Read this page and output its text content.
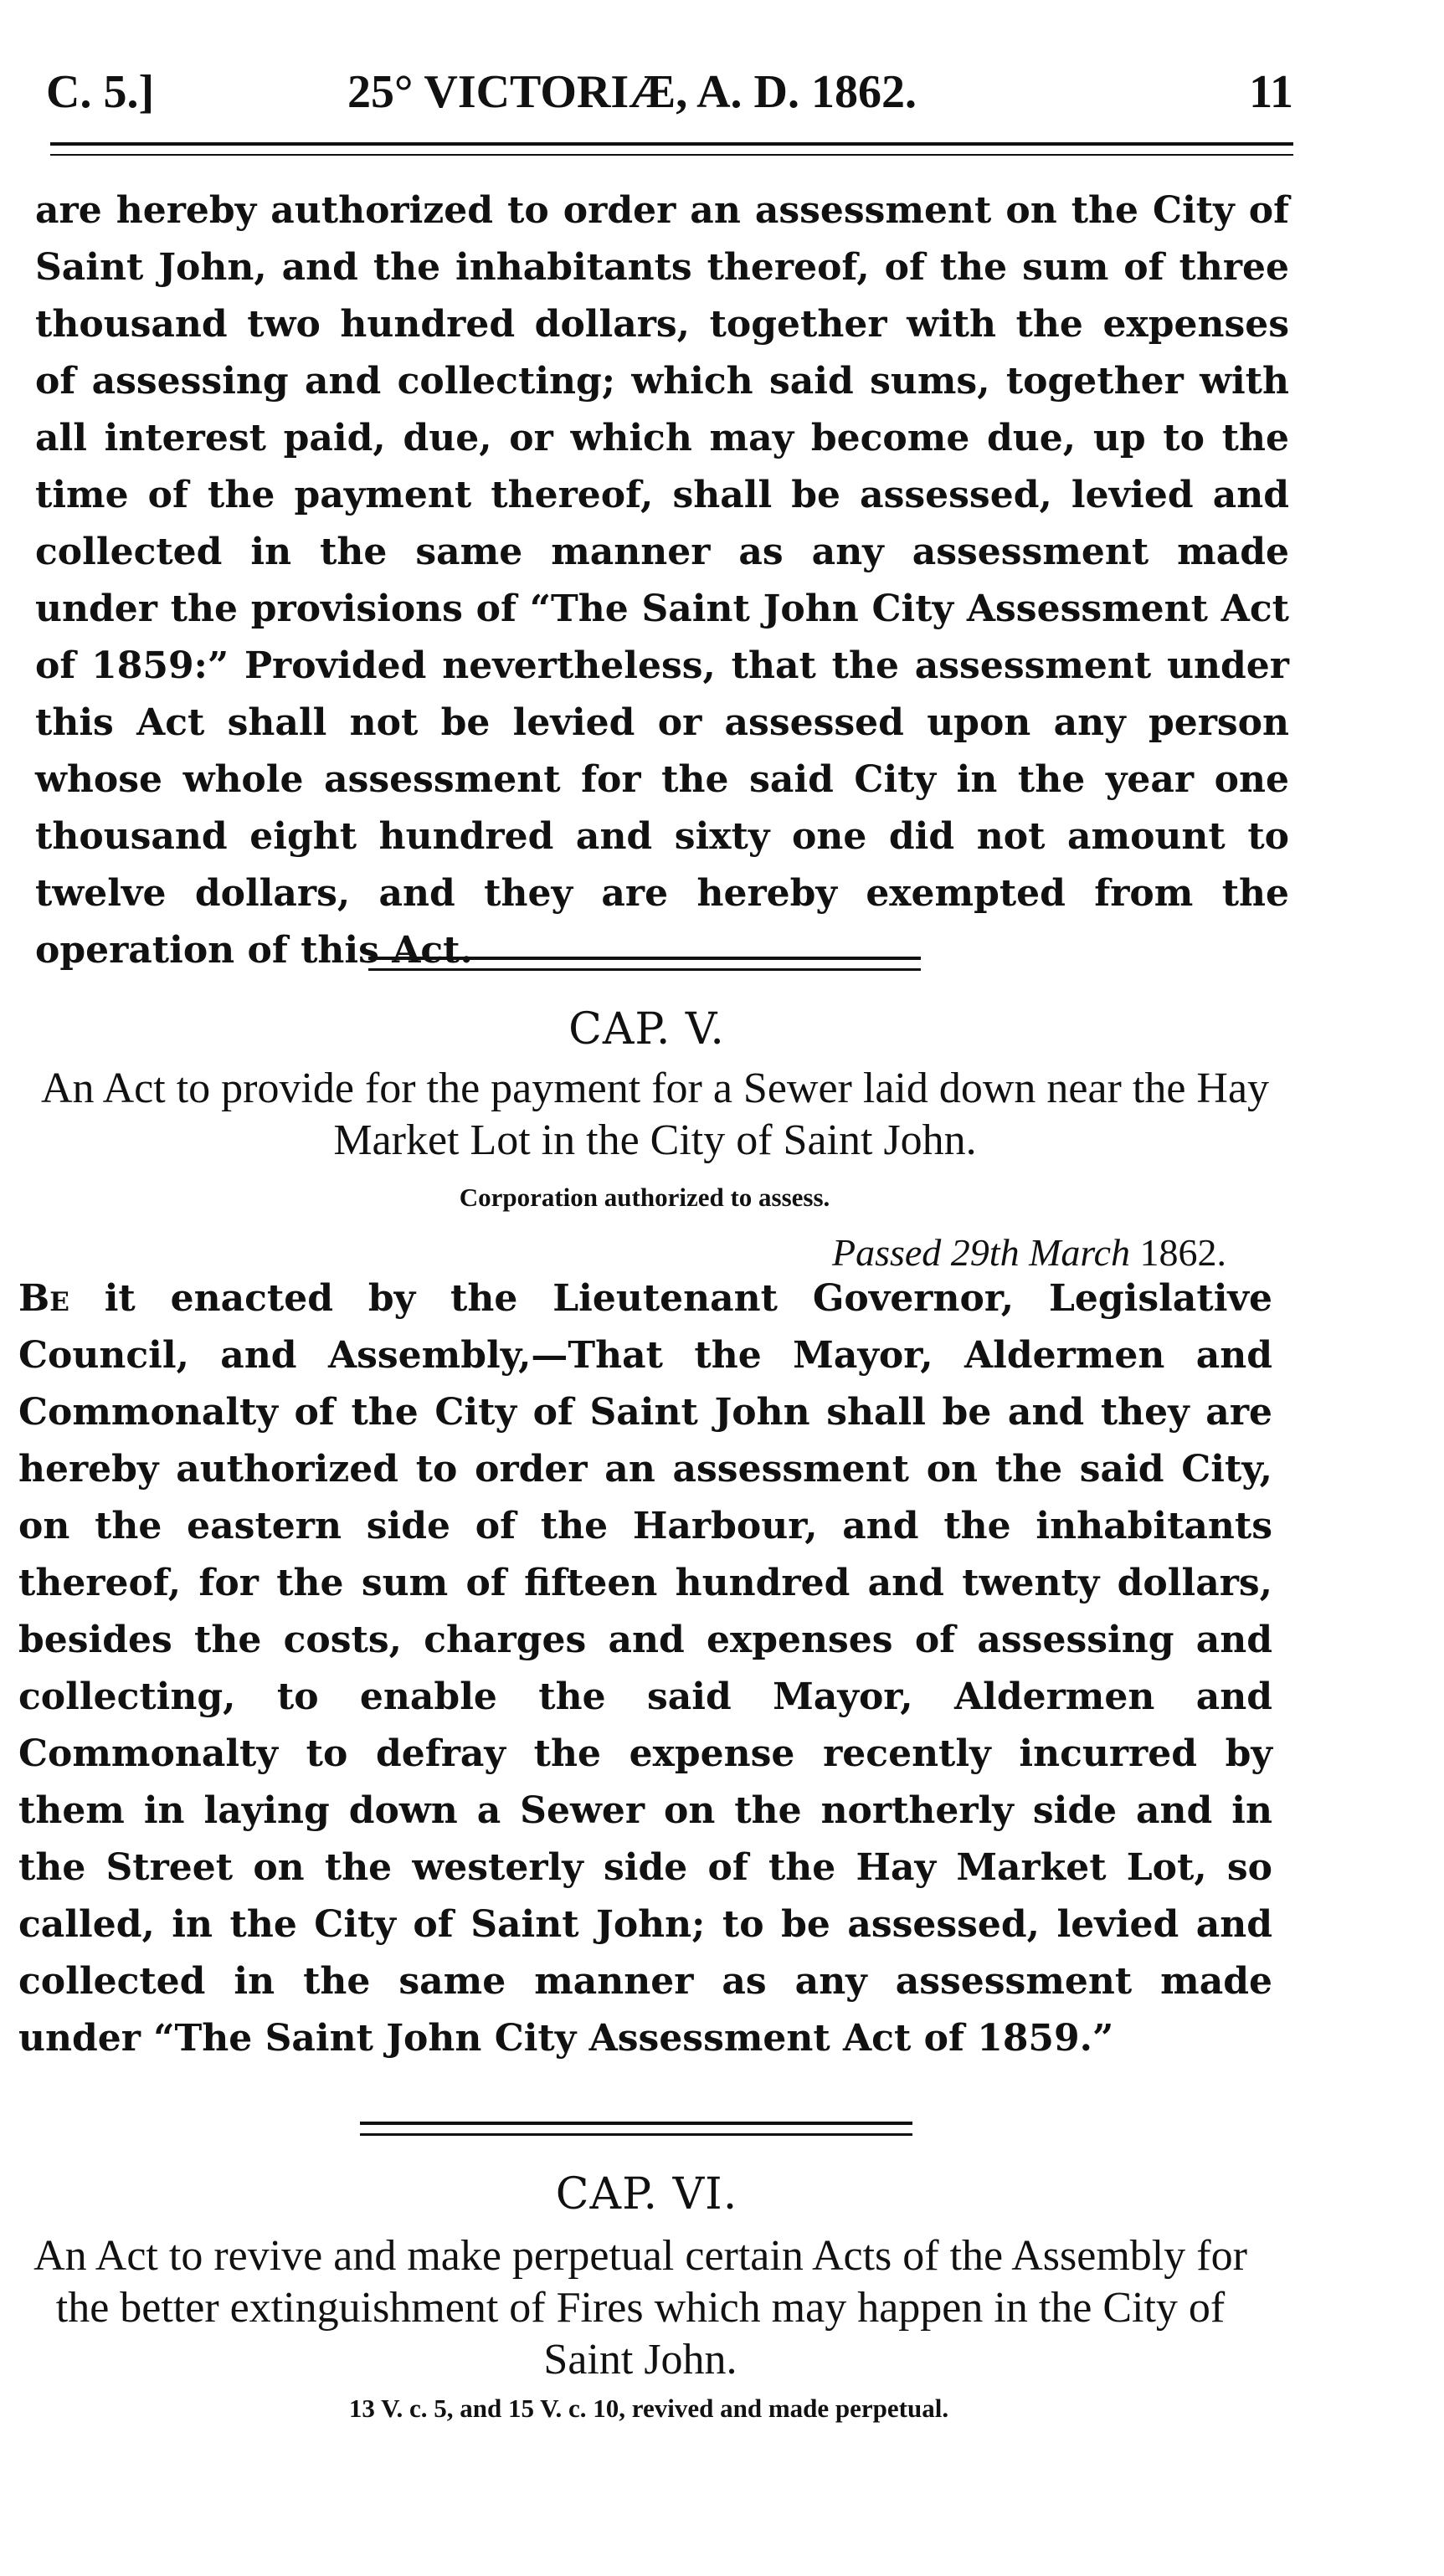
C. 5.]	25° VICTORIÆ, A. D. 1862.	11

are hereby authorized to order an assessment on the City of Saint John, and the inhabitants thereof, of the sum of three thousand two hundred dollars, together with the expenses of assessing and collecting; which said sums, together with all interest paid, due, or which may become due, up to the time of the payment thereof, shall be assessed, levied and collected in the same manner as any assessment made under the provisions of “The Saint John City Assessment Act of 1859:” Provided nevertheless, that the assessment under this Act shall not be levied or assessed upon any person whose whole assessment for the said City in the year one thousand eight hundred and sixty one did not amount to twelve dollars, and they are hereby exempted from the operation of this Act.

CAP. V.

An Act to provide for the payment for a Sewer laid down near the Hay Market Lot in the City of Saint John.

Corporation authorized to assess.
Passed 29th March 1862.

Be it enacted by the Lieutenant Governor, Legislative Council, and Assembly,—That the Mayor, Aldermen and Commonalty of the City of Saint John shall be and they are hereby authorized to order an assessment on the said City, on the eastern side of the Harbour, and the inhabitants thereof, for the sum of fifteen hundred and twenty dollars, besides the costs, charges and expenses of assessing and collecting, to enable the said Mayor, Aldermen and Commonalty to defray the expense recently incurred by them in laying down a Sewer on the northerly side and in the Street on the westerly side of the Hay Market Lot, so called, in the City of Saint John; to be assessed, levied and collected in the same manner as any assessment made under “The Saint John City Assessment Act of 1859.”

CAP. VI.

An Act to revive and make perpetual certain Acts of the Assembly for the better extinguishment of Fires which may happen in the City of Saint John.

13 V. c. 5, and 15 V. c. 10, revived and made perpetual.
